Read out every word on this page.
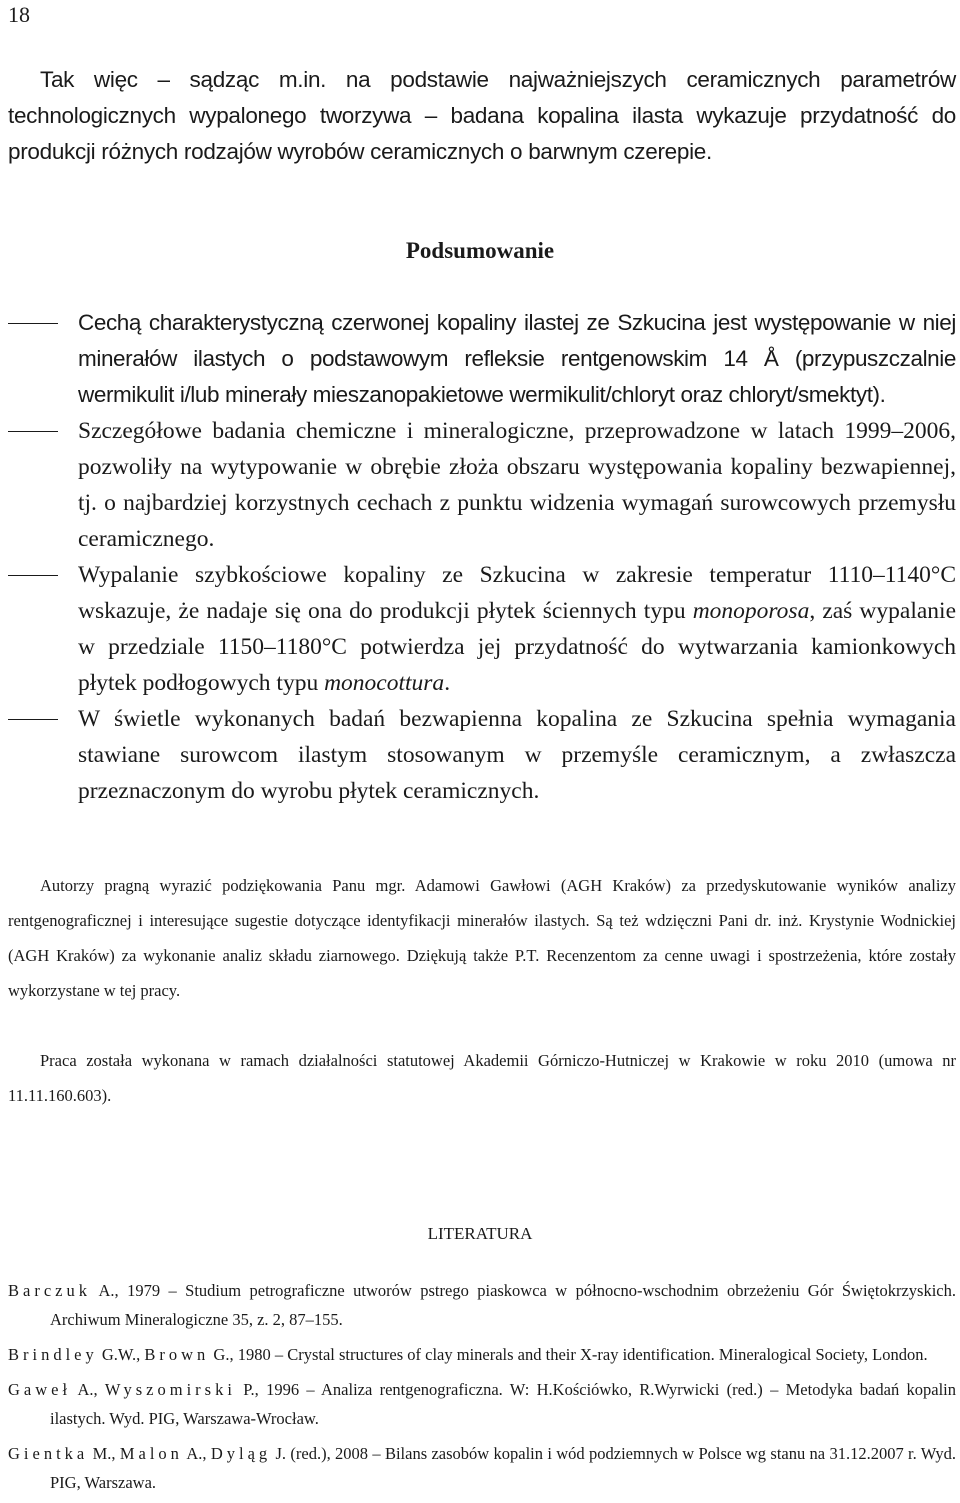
18

Tak więc – sądząc m.in. na podstawie najważniejszych ceramicznych parametrów technologicznych wypalonego tworzywa – badana kopalina ilasta wykazuje przydatność do produkcji różnych rodzajów wyrobów ceramicznych o barwnym czerepie.

Podsumowanie
Cechą charakterystyczną czerwonej kopaliny ilastej ze Szkucina jest występowanie w niej minerałów ilastych o podstawowym refleksie rentgenowskim 14 Å (przypuszczalnie wermikulit i/lub minerały mieszanopakietowe wermikulit/chloryt oraz chloryt/smektyt).
Szczegółowe badania chemiczne i mineralogiczne, przeprowadzone w latach 1999–2006, pozwoliły na wytypowanie w obrębie złoża obszaru występowania kopaliny bezwapiennej, tj. o najbardziej korzystnych cechach z punktu widzenia wymagań surowcowych przemysłu ceramicznego.
Wypalanie szybkościowe kopaliny ze Szkucina w zakresie temperatur 1110–1140°C wskazuje, że nadaje się ona do produkcji płytek ściennych typu monoporosa, zaś wypalanie w przedziale 1150–1180°C potwierdza jej przydatność do wytwarzania kamionkowych płytek podłogowych typu monocottura.
W świetle wykonanych badań bezwapienna kopalina ze Szkucina spełnia wymagania stawiane surowcom ilastym stosowanym w przemyśle ceramicznym, a zwłaszcza przeznaczonym do wyrobu płytek ceramicznych.

Autorzy pragną wyrazić podziękowania Panu mgr. Adamowi Gawłowi (AGH Kraków) za przedyskutowanie wyników analizy rentgenograficznej i interesujące sugestie dotyczące identyfikacji minerałów ilastych. Są też wdzięczni Pani dr. inż. Krystynie Wodnickiej (AGH Kraków) za wykonanie analiz składu ziarnowego. Dziękują także P.T. Recenzentom za cenne uwagi i spostrzeżenia, które zostały wykorzystane w tej pracy.

Praca została wykonana w ramach działalności statutowej Akademii Górniczo-Hutniczej w Krakowie w roku 2010 (umowa nr 11.11.160.603).

LITERATURA
Barczuk A., 1979 – Studium petrograficzne utworów pstrego piaskowca w północno-wschodnim obrzeżeniu Gór Świętokrzyskich. Archiwum Mineralogiczne 35, z. 2, 87–155.
Brindley G.W., Brown G., 1980 – Crystal structures of clay minerals and their X-ray identification. Mineralogical Society, London.
Gaweł A., Wyszomirski P., 1996 – Analiza rentgenograficzna. W: H.Kościówko, R.Wyrwicki (red.) – Metodyka badań kopalin ilastych. Wyd. PIG, Warszawa-Wrocław.
Gientka M., Malon A., Dyląg J. (red.), 2008 – Bilans zasobów kopalin i wód podziemnych w Polsce wg stanu na 31.12.2007 r. Wyd. PIG, Warszawa.
